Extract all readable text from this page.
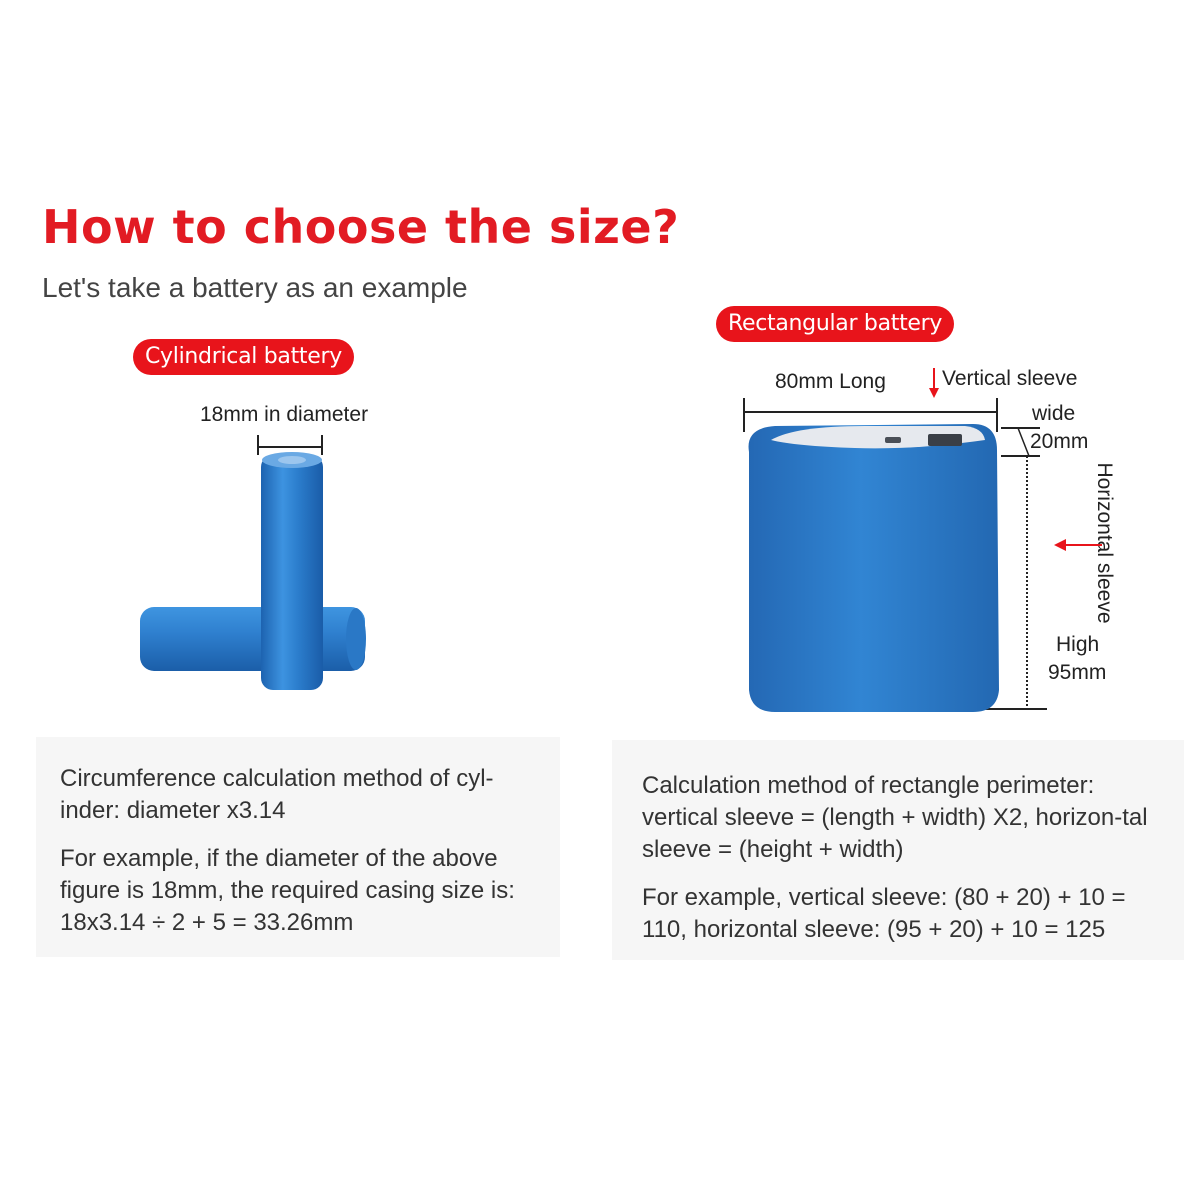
How to choose the size?
Let's take a battery as an example
Cylindrical battery
18mm in diameter

Circumference calculation method of cyl-inder: diameter x3.14

For example, if the diameter of the above figure is 18mm, the required casing size is: 18x3.14 ÷ 2 + 5 = 33.26mm

Rectangular battery
80mm Long	Vertical sleeve
wide
20mm
High
95mm
Horizontal sleeve

Calculation method of rectangle perimeter: vertical sleeve = (length + width) X2, horizon-tal sleeve = (height + width)

For example, vertical sleeve: (80 + 20) + 10 = 110, horizontal sleeve: (95 + 20) + 10 = 125
